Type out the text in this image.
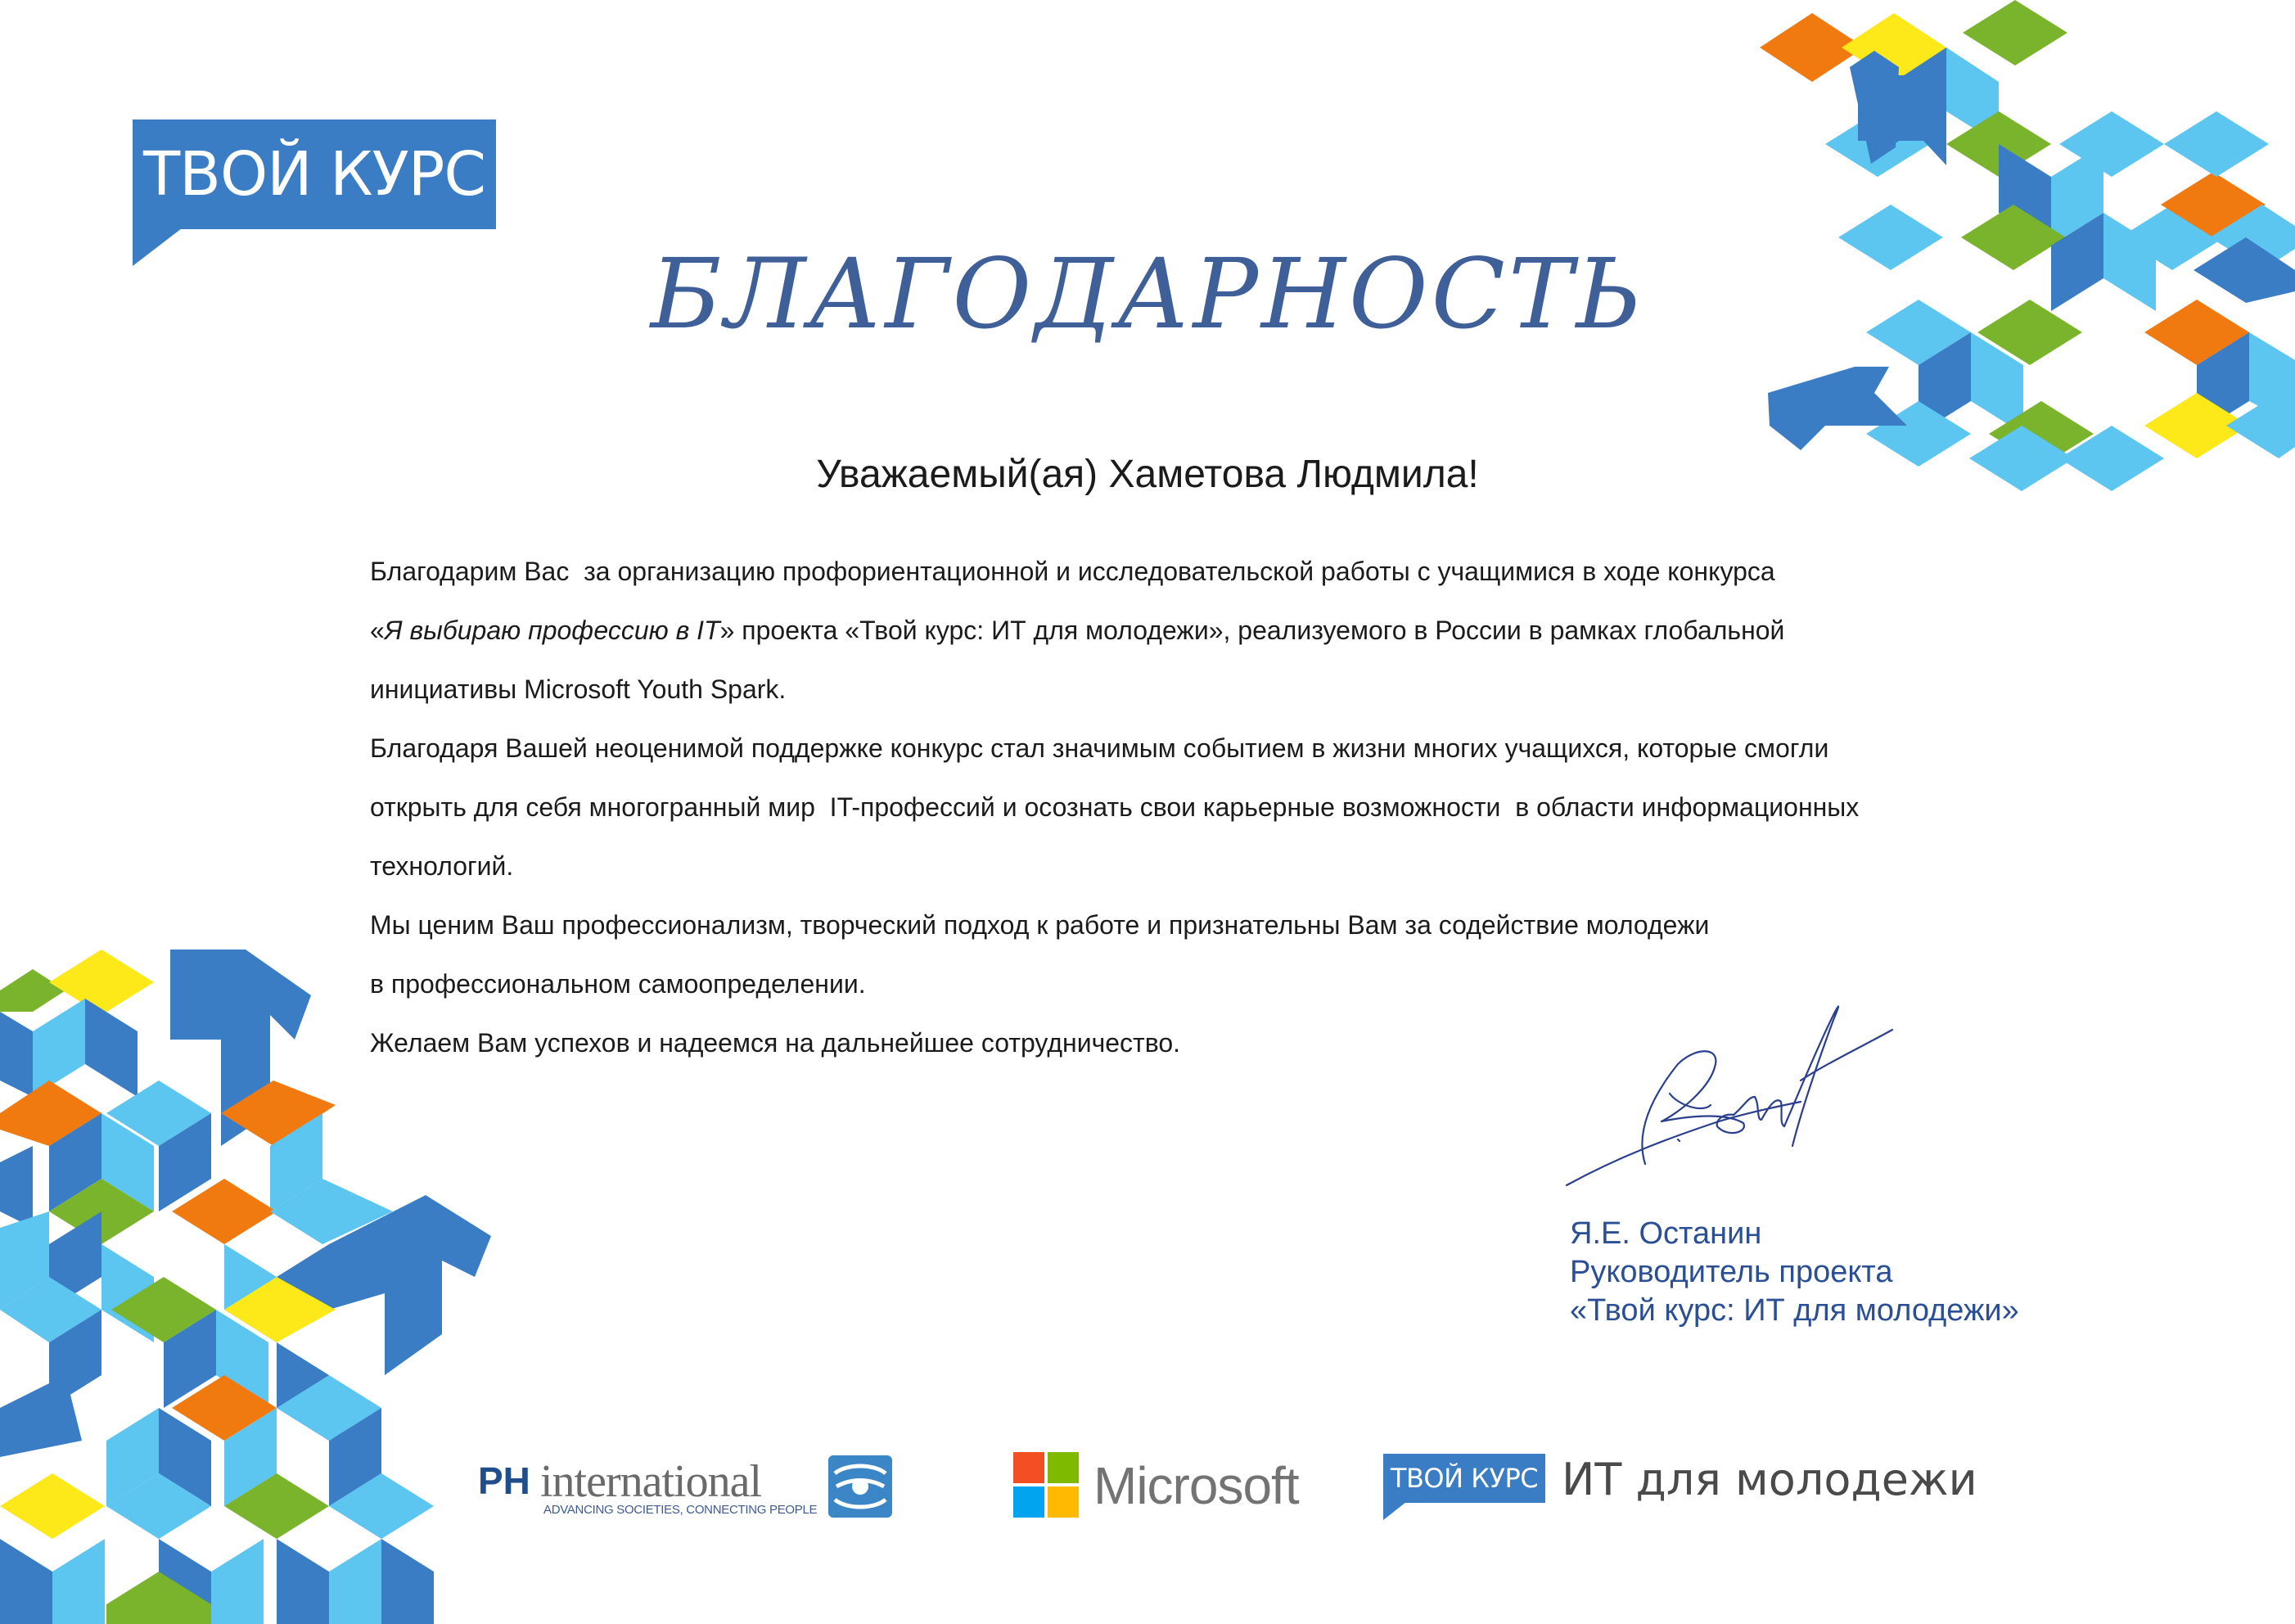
ТВОЙ КУРС
БЛАГОДАРНОСТЬ

Уважаемый(ая) Хаметова Людмила!

Благодарим Вас  за организацию профориентационной и исследовательской работы с учащимися в ходе конкурса
«Я выбираю профессию в IT» проекта «Твой курс: ИТ для молодежи», реализуемого в России в рамках глобальной
инициативы Microsoft Youth Spark.
Благодаря Вашей неоценимой поддержке конкурс стал значимым событием в жизни многих учащихся, которые смогли
открыть для себя многогранный мир  IT-профессий и осознать свои карьерные возможности  в области информационных
технологий.
Мы ценим Ваш профессионализм, творческий подход к работе и признательны Вам за содействие молодежи
в профессиональном самоопределении.
Желаем Вам успехов и надеемся на дальнейшее сотрудничество.
Я.Е. Останин
Руководитель проекта
«Твой курс: ИТ для молодежи»
PH international
ADVANCING SOCIETIES, CONNECTING PEOPLE	Microsoft	ТВОЙ КУРС ИТ для молодежи
